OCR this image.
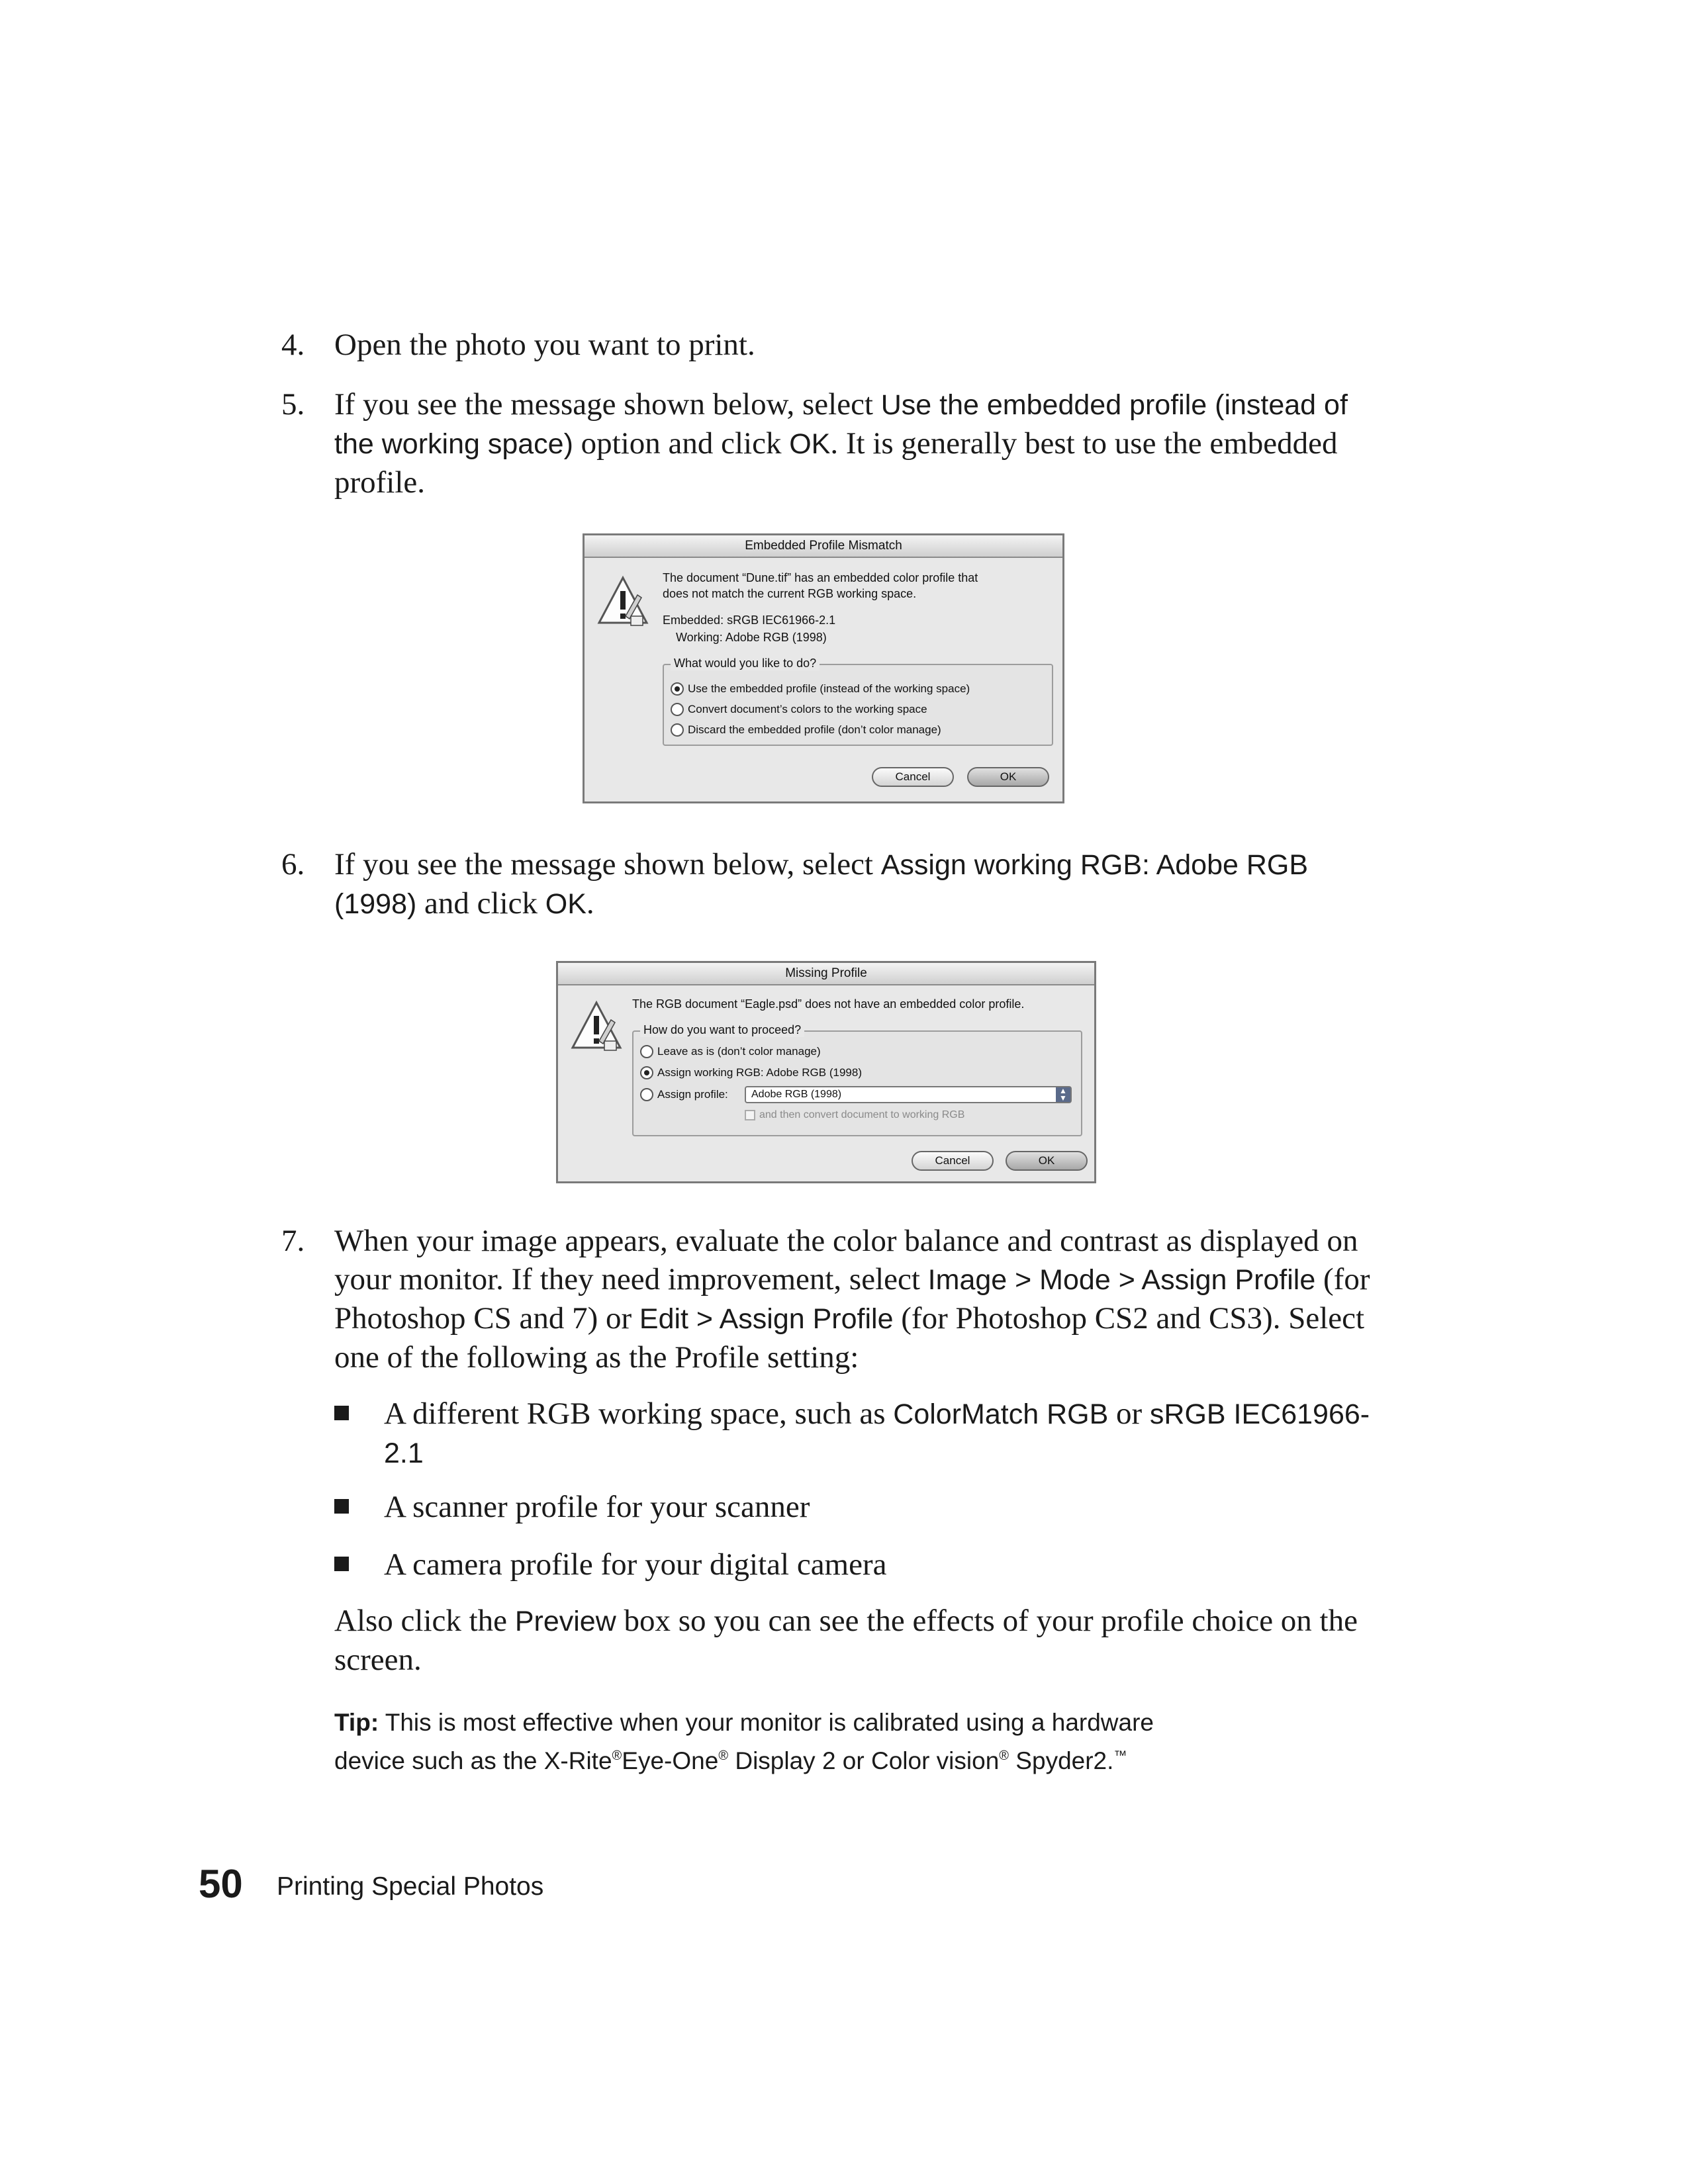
4. Open the photo you want to print.
5. If you see the message shown below, select Use the embedded profile (instead of the working space) option and click OK. It is generally best to use the embedded profile.
Embedded Profile Mismatch
The document “Dune.tif” has an embedded color profile that
does not match the current RGB working space.
Embedded: sRGB IEC61966-2.1
Working: Adobe RGB (1998)
What would you like to do?
Use the embedded profile (instead of the working space)
Convert document’s colors to the working space
Discard the embedded profile (don’t color manage)
Cancel	OK
6. If you see the message shown below, select Assign working RGB: Adobe RGB (1998) and click OK.
Missing Profile
The RGB document “Eagle.psd” does not have an embedded color profile.
How do you want to proceed?
Leave as is (don’t color manage)
Assign working RGB: Adobe RGB (1998)
Assign profile:	Adobe RGB (1998)	▲
▼
and then convert document to working RGB
Cancel	OK
7. When your image appears, evaluate the color balance and contrast as displayed on your monitor. If they need improvement, select Image > Mode > Assign Profile (for Photoshop CS and 7) or Edit > Assign Profile (for Photoshop CS2 and CS3). Select one of the following as the Profile setting:
A different RGB working space, such as ColorMatch RGB or sRGB IEC61966-2.1
A scanner profile for your scanner
A camera profile for your digital camera
Also click the Preview box so you can see the effects of your profile choice on the screen.
Tip: This is most effective when your monitor is calibrated using a hardware
device such as the X-Rite®Eye-One® Display 2 or Color vision® Spyder2.™
50 Printing Special Photos
